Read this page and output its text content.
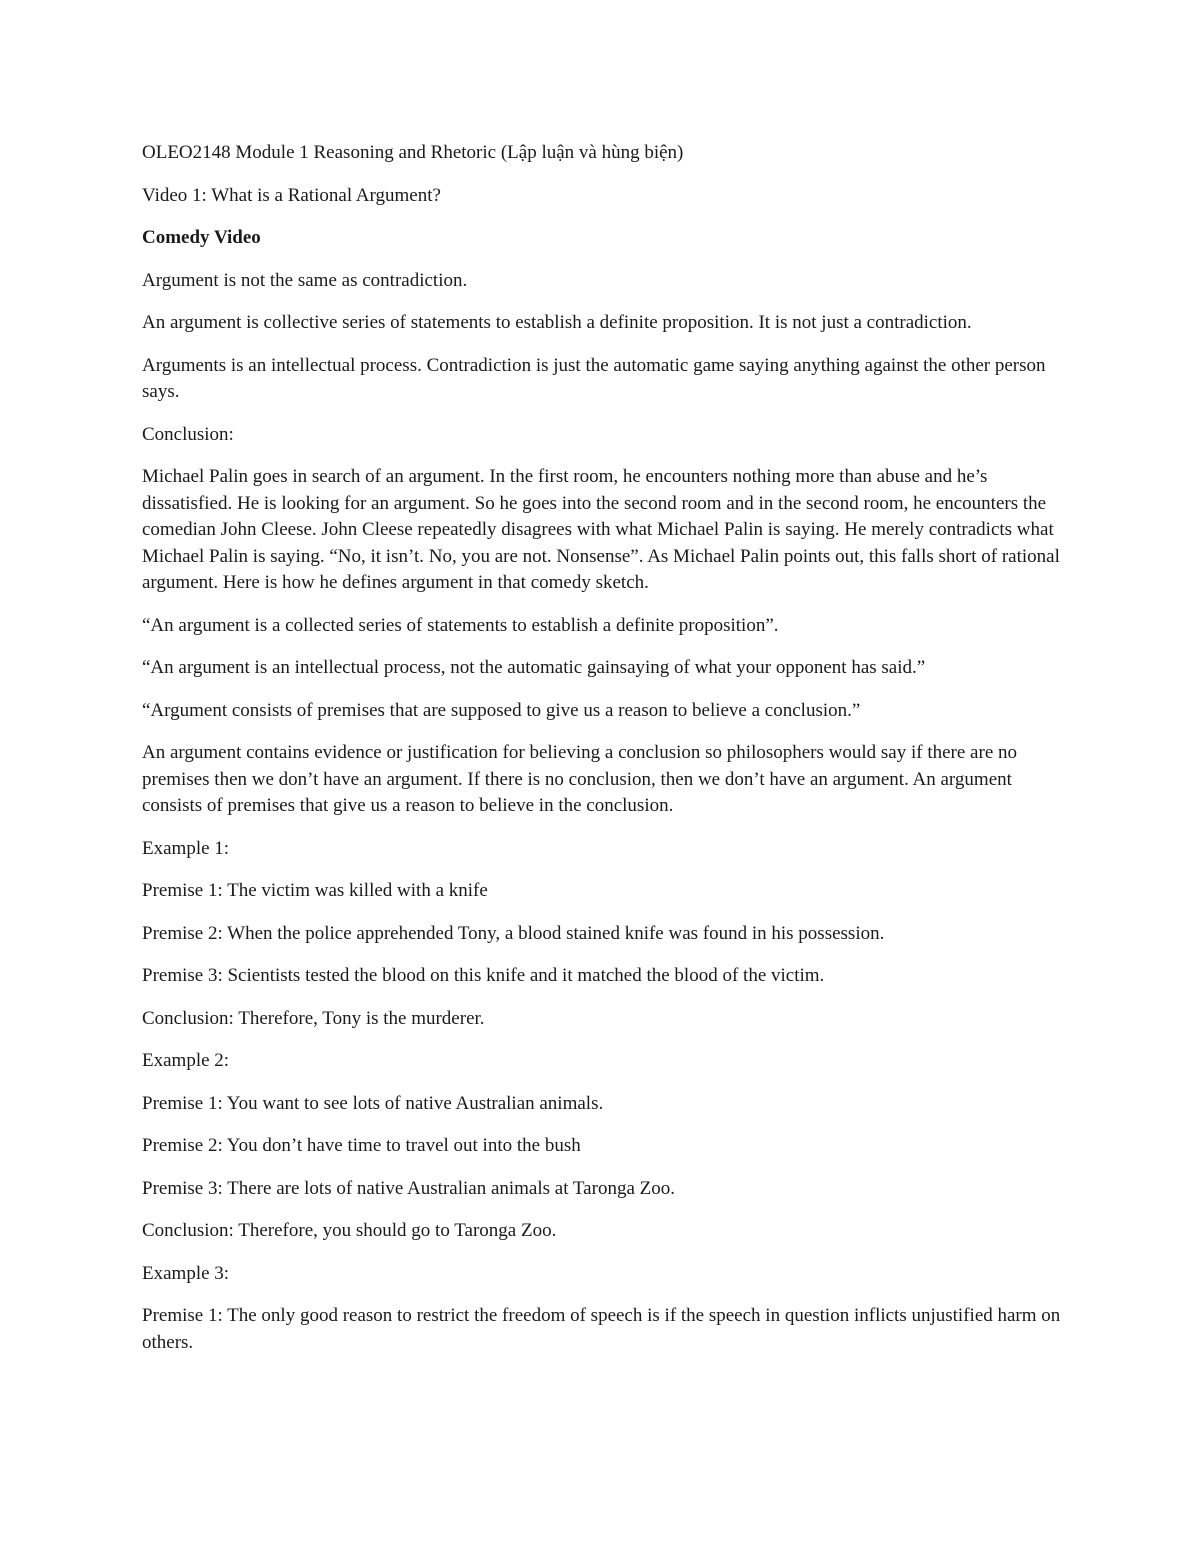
OLEO2148 Module 1 Reasoning and Rhetoric (Lập luận và hùng biện)

Video 1: What is a Rational Argument?

Comedy Video

Argument is not the same as contradiction.

An argument is collective series of statements to establish a definite proposition. It is not just a contradiction.

Arguments is an intellectual process. Contradiction is just the automatic game saying anything against the other person says.

Conclusion:

Michael Palin goes in search of an argument. In the first room, he encounters nothing more than abuse and he’s dissatisfied. He is looking for an argument. So he goes into the second room and in the second room, he encounters the comedian John Cleese. John Cleese repeatedly disagrees with what Michael Palin is saying. He merely contradicts what Michael Palin is saying. “No, it isn’t. No, you are not. Nonsense”. As Michael Palin points out, this falls short of rational argument. Here is how he defines argument in that comedy sketch.

“An argument is a collected series of statements to establish a definite proposition”.

“An argument is an intellectual process, not the automatic gainsaying of what your opponent has said.”

“Argument consists of premises that are supposed to give us a reason to believe a conclusion.”

An argument contains evidence or justification for believing a conclusion so philosophers would say if there are no premises then we don’t have an argument. If there is no conclusion, then we don’t have an argument. An argument consists of premises that give us a reason to believe in the conclusion.

Example 1:

Premise 1: The victim was killed with a knife

Premise 2: When the police apprehended Tony, a blood stained knife was found in his possession.

Premise 3: Scientists tested the blood on this knife and it matched the blood of the victim.

Conclusion: Therefore, Tony is the murderer.

Example 2:

Premise 1: You want to see lots of native Australian animals.

Premise 2: You don’t have time to travel out into the bush

Premise 3: There are lots of native Australian animals at Taronga Zoo.

Conclusion: Therefore, you should go to Taronga Zoo.

Example 3:

Premise 1: The only good reason to restrict the freedom of speech is if the speech in question inflicts unjustified harm on others.
